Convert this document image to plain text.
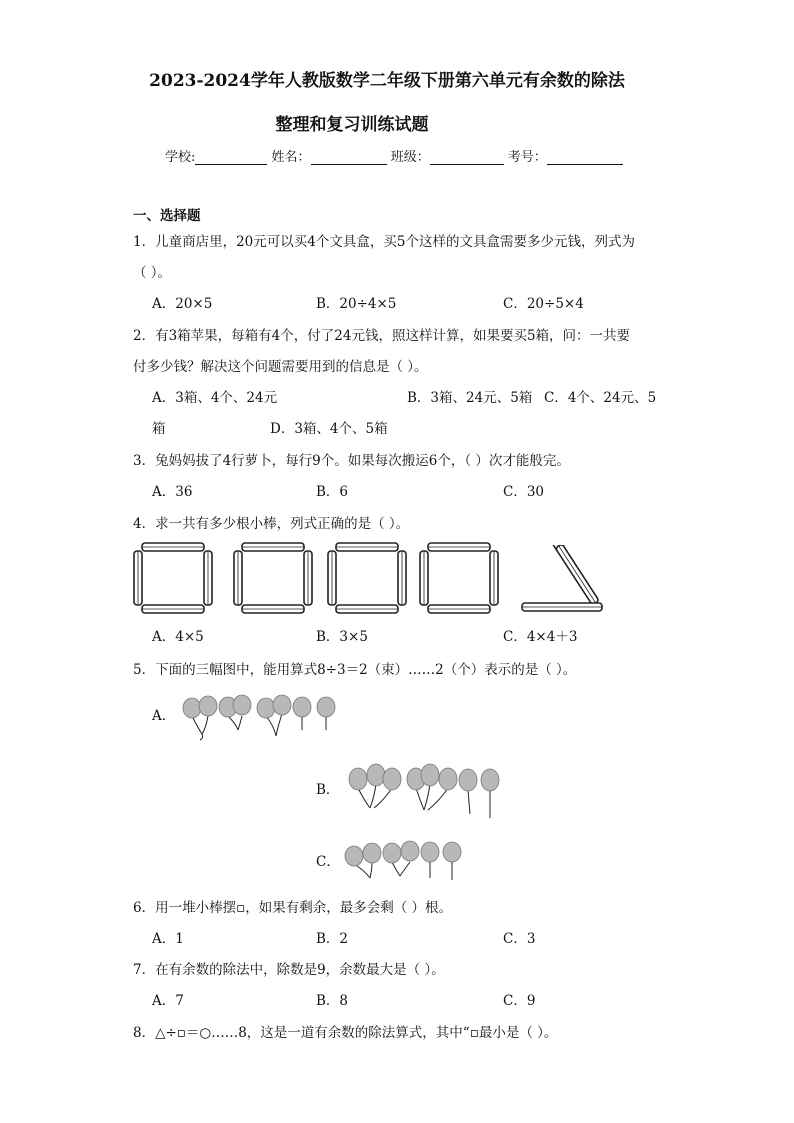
2023-2024学年人教版数学二年级下册第六单元有余数的除法
整理和复习训练试题
学校:	姓名：	班级：	考号：
一、选择题
1．儿童商店里，20元可以买4个文具盒，买5个这样的文具盒需要多少元钱，列式为
（ ）。
A．20×5	B．20÷4×5	C．20÷5×4
2．有3箱苹果，每箱有4个，付了24元钱，照这样计算，如果要买5箱，问：一共要
付多少钱？解决这个问题需要用到的信息是（ ）。
A．3箱、4个、24元	B．3箱、24元、5箱 C．4个、24元、5
箱	D．3箱、4个、5箱
3．兔妈妈拔了4行萝卜，每行9个。如果每次搬运6个，（ ）次才能般完。
A．36	B．6	C．30
4．求一共有多少根小棒，列式正确的是（ ）。
A．4×5	B．3×5	C．4×4＋3
5．下面的三幅图中，能用算式8÷3＝2（束）……2（个）表示的是（ ）。
A．
B．
C．
6．用一堆小棒摆▫，如果有剩余，最多会剩（ ）根。
A．1	B．2	C．3
7．在有余数的除法中，除数是9，余数最大是（ ）。
A．7	B．8	C．9
8．△÷▫＝○……8，这是一道有余数的除法算式，其中“▫最小是（ ）。
